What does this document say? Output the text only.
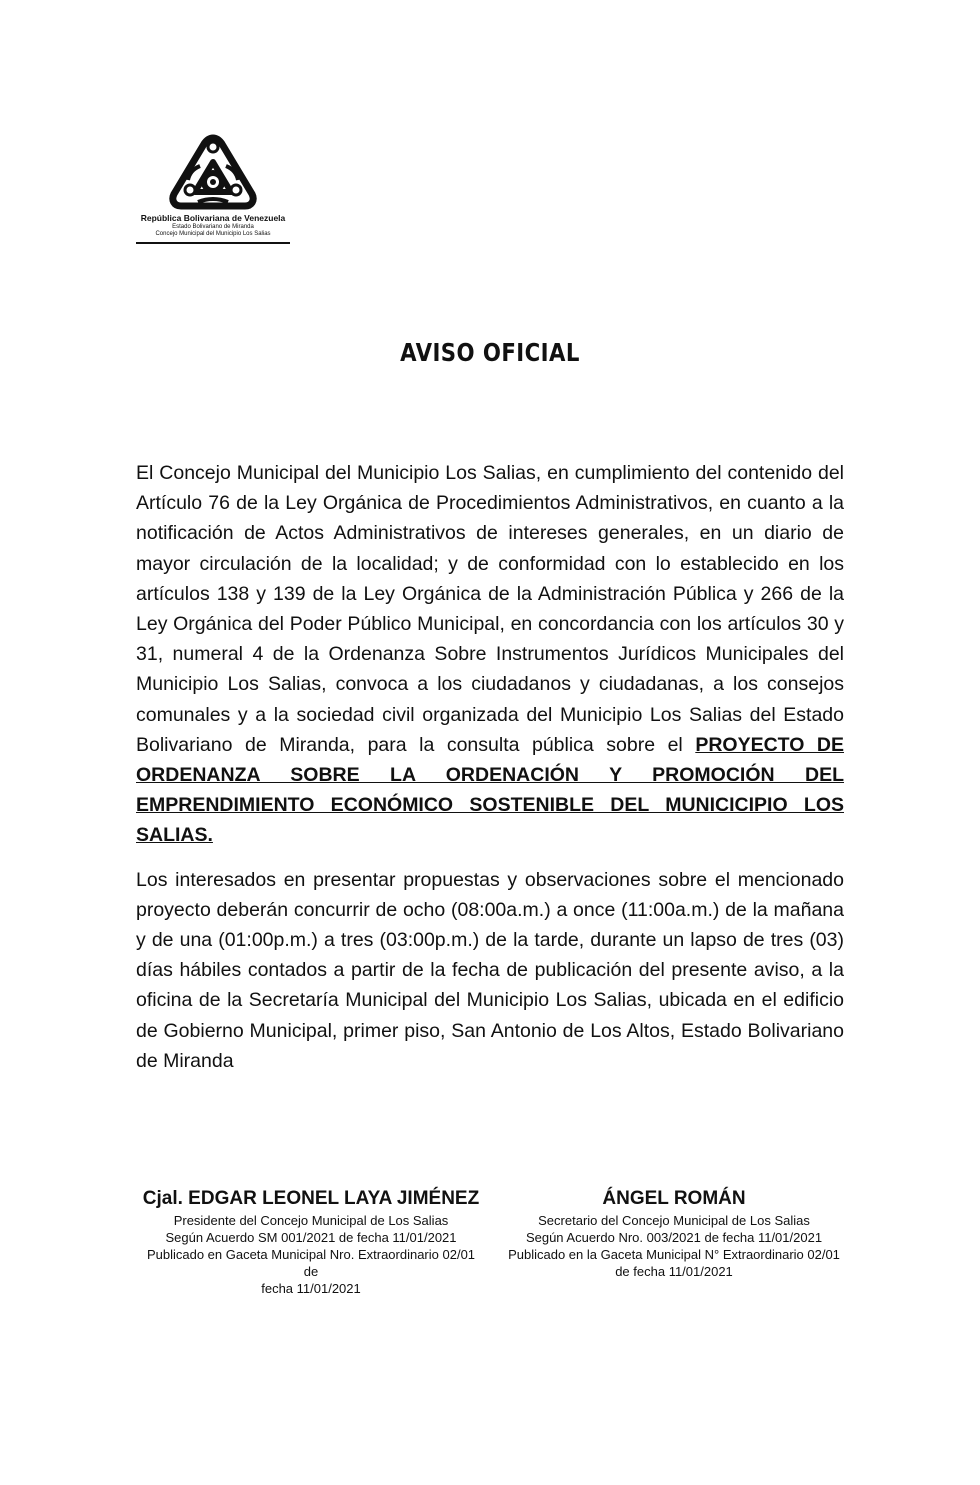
República Bolivariana de Venezuela

Estado Bolivariano de Miranda

Concejo Municipal del Municipio Los Salias

AVISO OFICIAL

El Concejo Municipal del Municipio Los Salias, en cumplimiento del contenido del Artículo 76 de la Ley Orgánica de Procedimientos Administrativos, en cuanto a la notificación de Actos Administrativos de intereses generales, en un diario de mayor circulación de la localidad; y de conformidad con lo establecido en los artículos 138 y 139 de la Ley Orgánica de la Administración Pública y 266 de la Ley Orgánica del Poder Público Municipal, en concordancia con los artículos 30 y 31, numeral 4 de la Ordenanza Sobre Instrumentos Jurídicos Municipales del Municipio Los Salias, convoca a los ciudadanos y ciudadanas, a los consejos comunales y a la sociedad civil organizada del Municipio Los Salias del Estado Bolivariano de Miranda, para la consulta pública sobre el PROYECTO DE ORDENANZA SOBRE LA ORDENACIÓN Y PROMOCIÓN DEL EMPRENDIMIENTO ECONÓMICO SOSTENIBLE DEL MUNICICIPIO LOS SALIAS.

Los interesados en presentar propuestas y observaciones sobre el mencionado proyecto deberán concurrir de ocho (08:00a.m.) a once (11:00a.m.) de la mañana y de una (01:00p.m.) a tres (03:00p.m.) de la tarde, durante un lapso de tres (03) días hábiles contados a partir de la fecha de publicación del presente aviso, a la oficina de la Secretaría Municipal del Municipio Los Salias, ubicada en el edificio de Gobierno Municipal, primer piso, San Antonio de Los Altos, Estado Bolivariano de Miranda

Cjal. EDGAR LEONEL LAYA JIMÉNEZ

Presidente del Concejo Municipal de Los Salias

Según Acuerdo SM 001/2021 de fecha 11/01/2021

Publicado en Gaceta Municipal Nro. Extraordinario 02/01 de

fecha 11/01/2021

ÁNGEL ROMÁN

Secretario del Concejo Municipal de Los Salias

Según Acuerdo Nro. 003/2021 de fecha 11/01/2021

Publicado en la Gaceta Municipal N° Extraordinario 02/01

de fecha 11/01/2021
